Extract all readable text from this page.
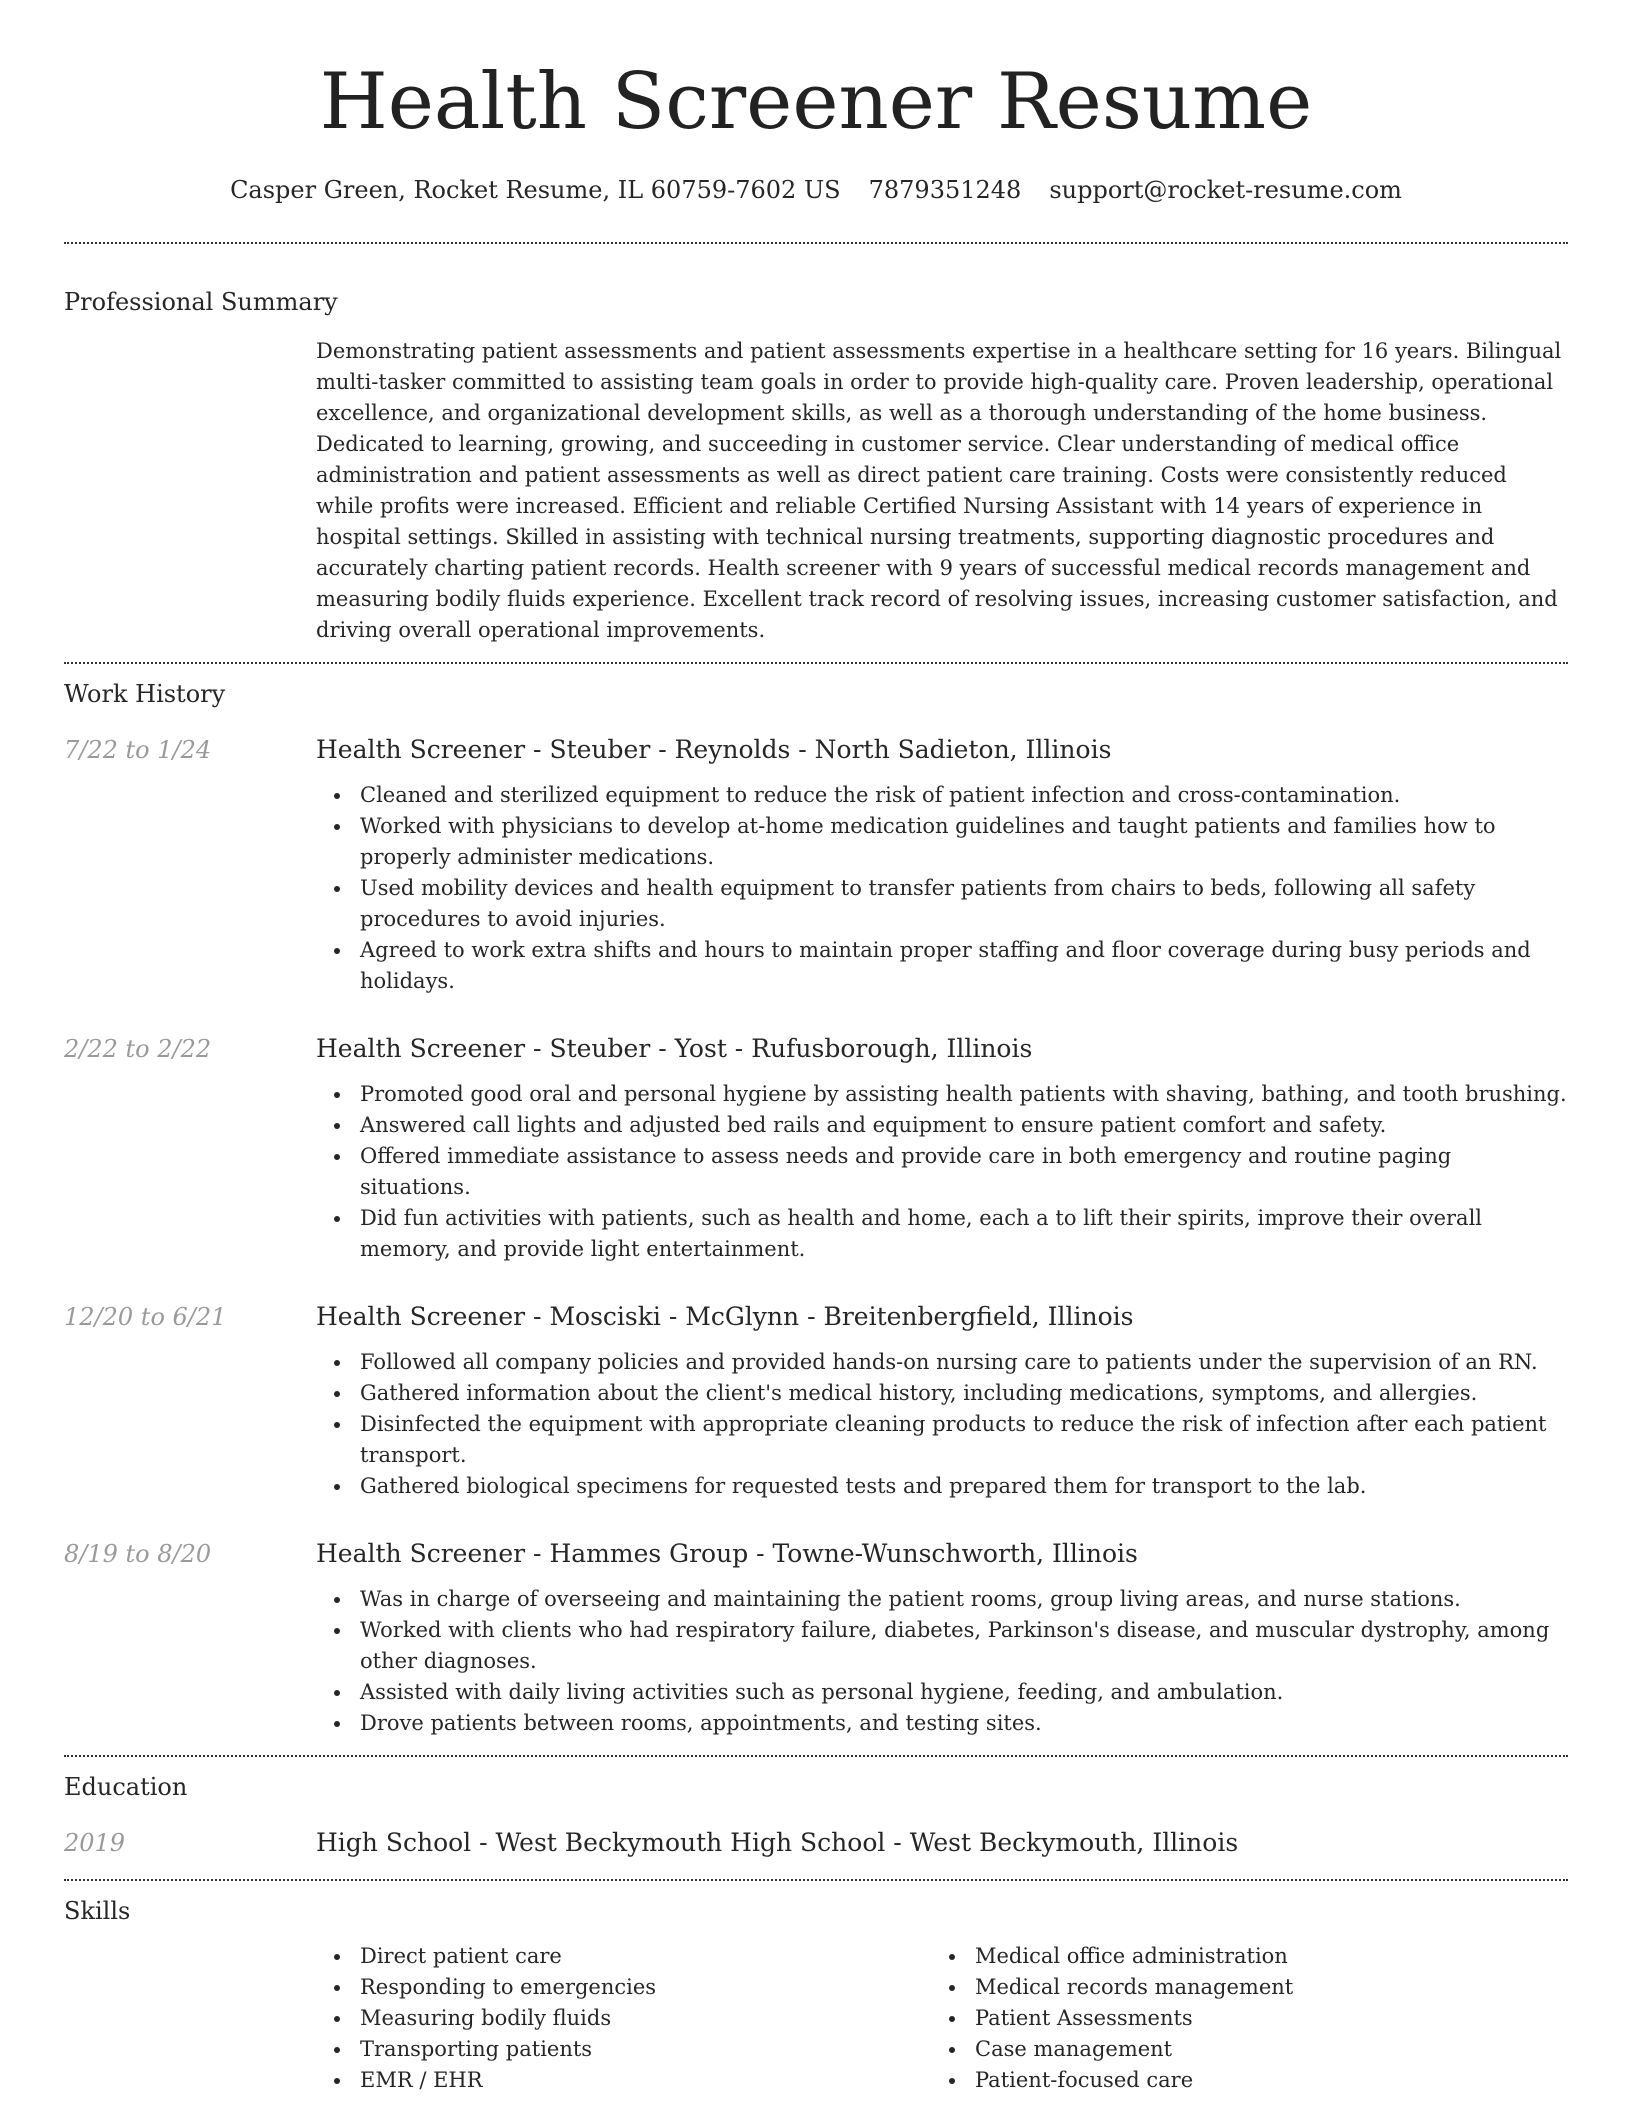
Health Screener Resume
Casper Green, Rocket Resume, IL 60759-7602 US 7879351248 support@rocket-resume.com
Professional Summary

Demonstrating patient assessments and patient assessments expertise in a healthcare setting for 16 years. Bilingual multi-tasker committed to assisting team goals in order to provide high-quality care. Proven leadership, operational excellence, and organizational development skills, as well as a thorough understanding of the home business. Dedicated to learning, growing, and succeeding in customer service. Clear understanding of medical office administration and patient assessments as well as direct patient care training. Costs were consistently reduced while profits were increased. Efficient and reliable Certified Nursing Assistant with 14 years of experience in hospital settings. Skilled in assisting with technical nursing treatments, supporting diagnostic procedures and accurately charting patient records. Health screener with 9 years of successful medical records management and measuring bodily fluids experience. Excellent track record of resolving issues, increasing customer satisfaction, and driving overall operational improvements.

Work History
7/22 to 1/24	Health Screener - Steuber - Reynolds - North Sadieton, Illinois
Cleaned and sterilized equipment to reduce the risk of patient infection and cross-contamination.
Worked with physicians to develop at-home medication guidelines and taught patients and families how to properly administer medications.
Used mobility devices and health equipment to transfer patients from chairs to beds, following all safety procedures to avoid injuries.
Agreed to work extra shifts and hours to maintain proper staffing and floor coverage during busy periods and holidays.
2/22 to 2/22	Health Screener - Steuber - Yost - Rufusborough, Illinois
Promoted good oral and personal hygiene by assisting health patients with shaving, bathing, and tooth brushing.
Answered call lights and adjusted bed rails and equipment to ensure patient comfort and safety.
Offered immediate assistance to assess needs and provide care in both emergency and routine paging situations.
Did fun activities with patients, such as health and home, each a to lift their spirits, improve their overall memory, and provide light entertainment.
12/20 to 6/21	Health Screener - Mosciski - McGlynn - Breitenbergfield, Illinois
Followed all company policies and provided hands-on nursing care to patients under the supervision of an RN.
Gathered information about the client's medical history, including medications, symptoms, and allergies.
Disinfected the equipment with appropriate cleaning products to reduce the risk of infection after each patient transport.
Gathered biological specimens for requested tests and prepared them for transport to the lab.
8/19 to 8/20	Health Screener - Hammes Group - Towne-Wunschworth, Illinois
Was in charge of overseeing and maintaining the patient rooms, group living areas, and nurse stations.
Worked with clients who had respiratory failure, diabetes, Parkinson's disease, and muscular dystrophy, among other diagnoses.
Assisted with daily living activities such as personal hygiene, feeding, and ambulation.
Drove patients between rooms, appointments, and testing sites.
Education
2019	High School - West Beckymouth High School - West Beckymouth, Illinois
Skills
Direct patient care
Responding to emergencies
Measuring bodily fluids
Transporting patients
EMR / EHR
Medical office administration
Medical records management
Patient Assessments
Case management
Patient-focused care
